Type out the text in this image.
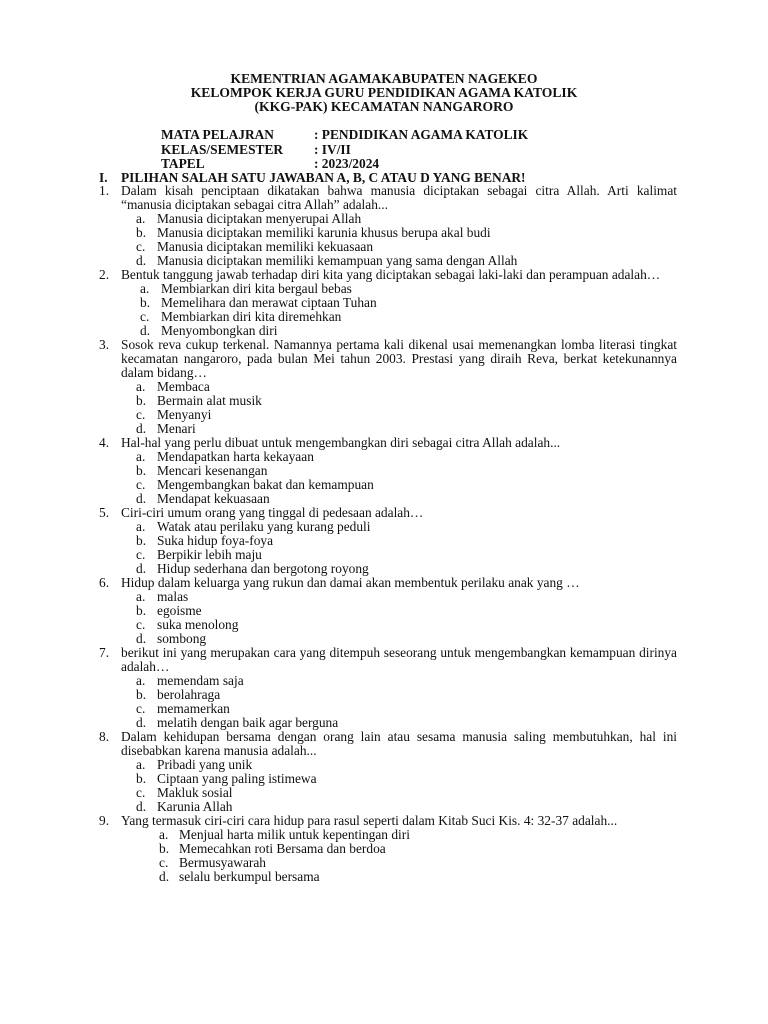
KEMENTRIAN AGAMAKABUPATEN NAGEKEO
KELOMPOK KERJA GURU PENDIDIKAN AGAMA KATOLIK
(KKG-PAK) KECAMATAN NANGARORO
MATA PELAJRAN	: PENDIDIKAN AGAMA KATOLIK
KELAS/SEMESTER : IV/II
TAPEL	: 2023/2024
I. PILIHAN SALAH SATU JAWABAN A, B, C ATAU D YANG BENAR!
1. Dalam kisah penciptaan dikatakan bahwa manusia diciptakan sebagai citra Allah. Arti kalimat “manusia diciptakan sebagai citra Allah” adalah...
a. Manusia diciptakan menyerupai Allah
b. Manusia diciptakan memiliki karunia khusus berupa akal budi
c. Manusia diciptakan memiliki kekuasaan
d. Manusia diciptakan memiliki kemampuan yang sama dengan Allah
2. Bentuk tanggung jawab terhadap diri kita yang diciptakan sebagai laki-laki dan perampuan adalah…
a. Membiarkan diri kita bergaul bebas
b. Memelihara dan merawat ciptaan Tuhan
c. Membiarkan diri kita diremehkan
d. Menyombongkan diri
3. Sosok reva cukup terkenal. Namannya pertama kali dikenal usai memenangkan lomba literasi tingkat kecamatan nangaroro, pada bulan Mei tahun 2003. Prestasi yang diraih Reva, berkat ketekunannya dalam bidang…
a. Membaca
b. Bermain alat musik
c. Menyanyi
d. Menari
4. Hal-hal yang perlu dibuat untuk mengembangkan diri sebagai citra Allah adalah...
a. Mendapatkan harta kekayaan
b. Mencari kesenangan
c. Mengembangkan bakat dan kemampuan
d. Mendapat kekuasaan
5. Ciri-ciri umum orang yang tinggal di pedesaan adalah…
a. Watak atau perilaku yang kurang peduli
b. Suka hidup foya-foya
c. Berpikir lebih maju
d. Hidup sederhana dan bergotong royong
6. Hidup dalam keluarga yang rukun dan damai akan membentuk perilaku anak yang …
a. malas
b. egoisme
c. suka menolong
d. sombong
7. berikut ini yang merupakan cara yang ditempuh seseorang untuk mengembangkan kemampuan dirinya adalah…
a. memendam saja
b. berolahraga
c. memamerkan
d. melatih dengan baik agar berguna
8. Dalam kehidupan bersama dengan orang lain atau sesama manusia saling membutuhkan, hal ini disebabkan karena manusia adalah...
a. Pribadi yang unik
b. Ciptaan yang paling istimewa
c. Makluk sosial
d. Karunia Allah
9. Yang termasuk ciri-ciri cara hidup para rasul seperti dalam Kitab Suci Kis. 4: 32-37 adalah...
a. Menjual harta milik untuk kepentingan diri
b. Memecahkan roti Bersama dan berdoa
c. Bermusyawarah
d. selalu berkumpul bersama
